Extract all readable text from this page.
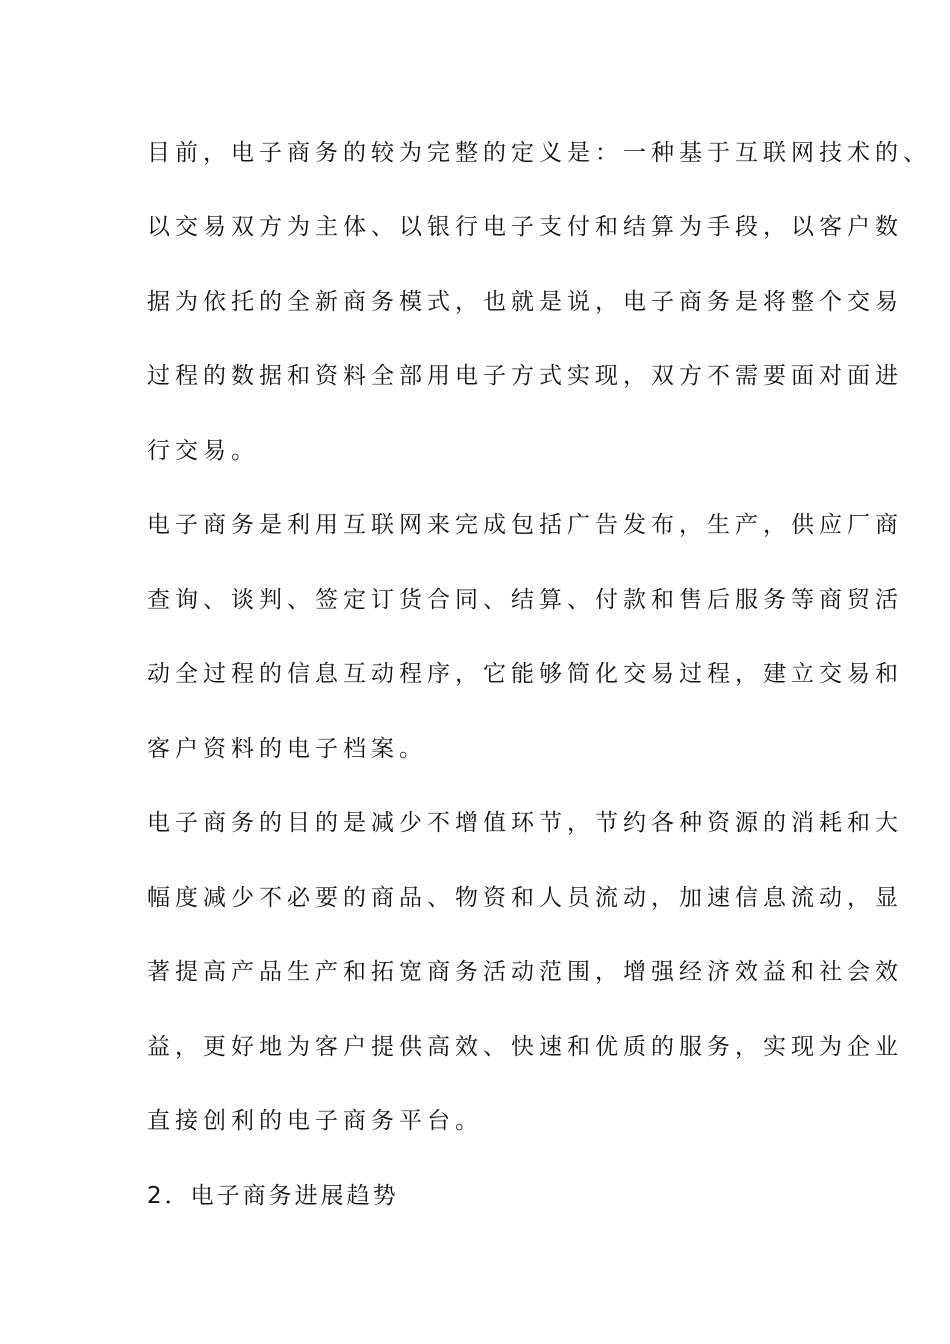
目前，电子商务的较为完整的定义是：一种基于互联网技术的、
以交易双方为主体、以银行电子支付和结算为手段，以客户数
据为依托的全新商务模式，也就是说，电子商务是将整个交易
过程的数据和资料全部用电子方式实现，双方不需要面对面进
行交易。
电子商务是利用互联网来完成包括广告发布，生产，供应厂商
查询、谈判、签定订货合同、结算、付款和售后服务等商贸活
动全过程的信息互动程序，它能够简化交易过程，建立交易和
客户资料的电子档案。
电子商务的目的是减少不增值环节，节约各种资源的消耗和大
幅度减少不必要的商品、物资和人员流动，加速信息流动，显
著提高产品生产和拓宽商务活动范围，增强经济效益和社会效
益，更好地为客户提供高效、快速和优质的服务，实现为企业
直接创利的电子商务平台。
2．电子商务进展趋势
